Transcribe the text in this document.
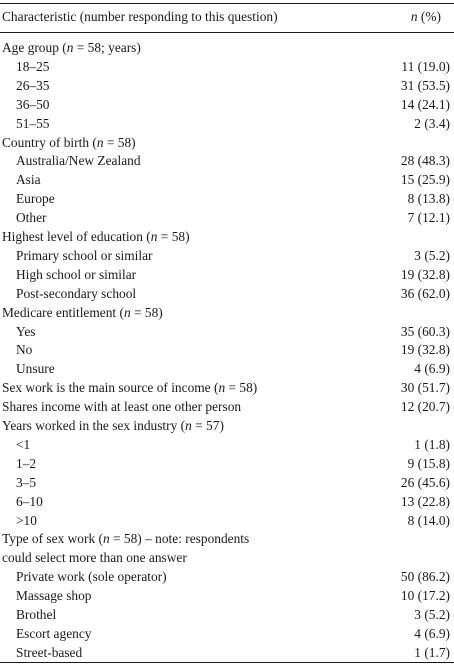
Characteristic (number responding to this question)	n (%)
Age group (n = 58; years)
18–25	11 (19.0)
26–35	31 (53.5)
36–50	14 (24.1)
51–55	2 (3.4)
Country of birth (n = 58)
Australia/New Zealand	28 (48.3)
Asia	15 (25.9)
Europe	8 (13.8)
Other	7 (12.1)
Highest level of education (n = 58)
Primary school or similar	3 (5.2)
High school or similar	19 (32.8)
Post-secondary school	36 (62.0)
Medicare entitlement (n = 58)
Yes	35 (60.3)
No	19 (32.8)
Unsure	4 (6.9)
Sex work is the main source of income (n = 58)	30 (51.7)
Shares income with at least one other person	12 (20.7)
Years worked in the sex industry (n = 57)
<1	1 (1.8)
1–2	9 (15.8)
3–5	26 (45.6)
6–10	13 (22.8)
>10	8 (14.0)
Type of sex work (n = 58) – note: respondents
could select more than one answer
Private work (sole operator)	50 (86.2)
Massage shop	10 (17.2)
Brothel	3 (5.2)
Escort agency	4 (6.9)
Street-based	1 (1.7)
